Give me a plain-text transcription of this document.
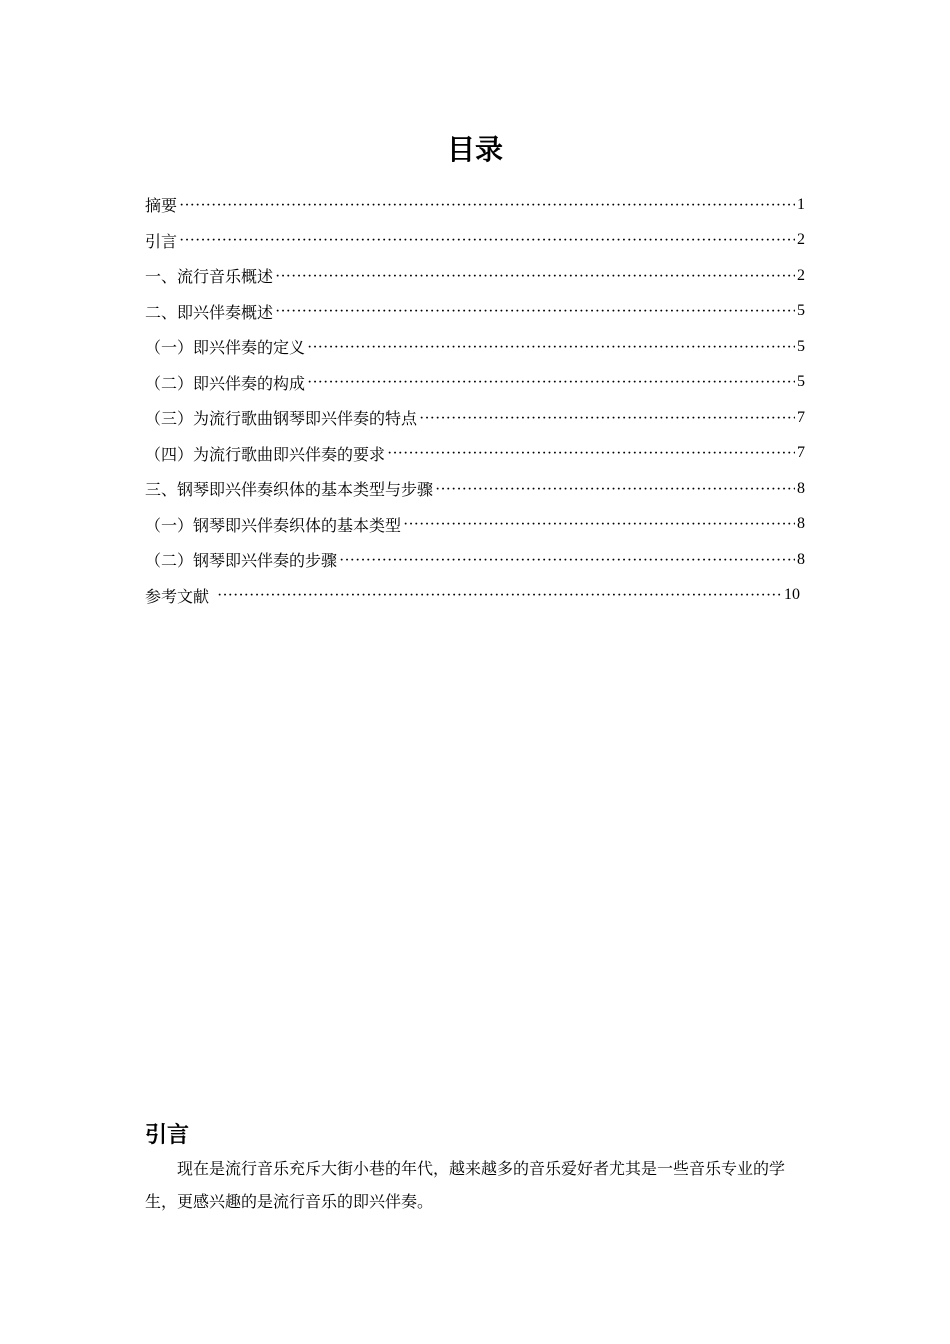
目录
摘要 ·····	1
引言 ·····	2
一、流行音乐概述 ·····	2
二、即兴伴奏概述 ·····	5
（一）即兴伴奏的定义 ·····	5
（二）即兴伴奏的构成 ·····	5
（三）为流行歌曲钢琴即兴伴奏的特点 ·····	7
（四）为流行歌曲即兴伴奏的要求 ·····	7
三、钢琴即兴伴奏织体的基本类型与步骤 ·····	8
（一）钢琴即兴伴奏织体的基本类型 ·····	8
（二）钢琴即兴伴奏的步骤 ·····	8
参考文献 ·····	10
引言

现在是流行音乐充斥大街小巷的年代，越来越多的音乐爱好者尤其是一些音乐专业的学生，更感兴趣的是流行音乐的即兴伴奏。
